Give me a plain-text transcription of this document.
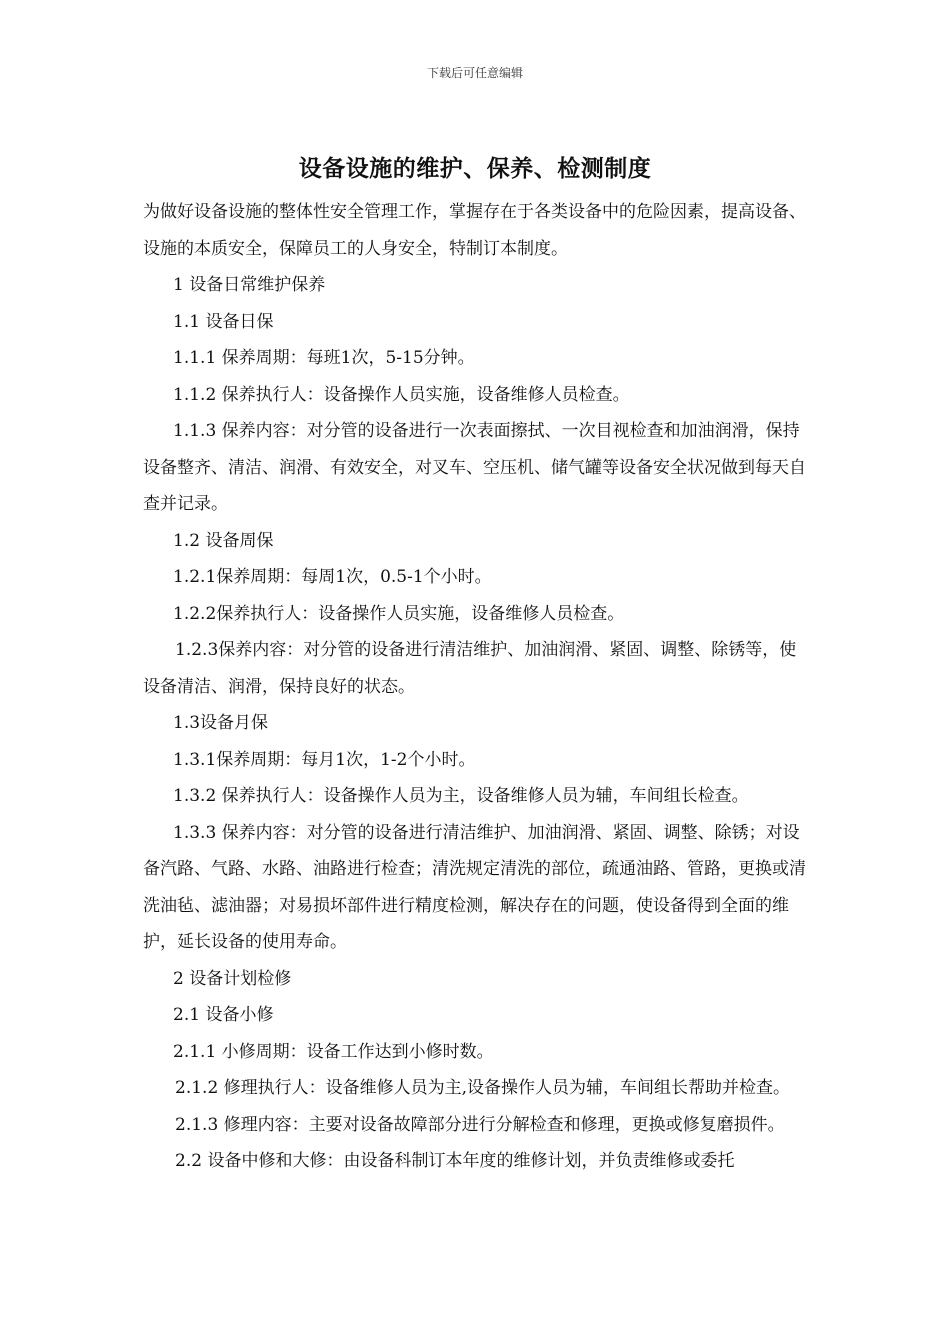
下载后可任意编辑
设备设施的维护、保养、检测制度

为做好设备设施的整体性安全管理工作，掌握存在于各类设备中的危险因素，提高设备、设施的本质安全，保障员工的人身安全，特制订本制度。

1 设备日常维护保养

1.1 设备日保

1.1.1 保养周期：每班1次，5-15分钟。

1.1.2 保养执行人：设备操作人员实施，设备维修人员检查。

1.1.3 保养内容：对分管的设备进行一次表面擦拭、一次目视检查和加油润滑，保持设备整齐、清洁、润滑、有效安全，对叉车、空压机、储气罐等设备安全状况做到每天自查并记录。

1.2 设备周保

1.2.1保养周期：每周1次，0.5-1个小时。

1.2.2保养执行人：设备操作人员实施，设备维修人员检查。

1.2.3保养内容：对分管的设备进行清洁维护、加油润滑、紧固、调整、除锈等，使设备清洁、润滑，保持良好的状态。

1.3设备月保

1.3.1保养周期：每月1次，1-2个小时。

1.3.2 保养执行人：设备操作人员为主，设备维修人员为辅，车间组长检查。

1.3.3 保养内容：对分管的设备进行清洁维护、加油润滑、紧固、调整、除锈；对设备汽路、气路、水路、油路进行检查；清洗规定清洗的部位，疏通油路、管路，更换或清洗油毡、滤油器；对易损坏部件进行精度检测，解决存在的问题，使设备得到全面的维护，延长设备的使用寿命。

2 设备计划检修

2.1 设备小修

2.1.1 小修周期：设备工作达到小修时数。

2.1.2 修理执行人：设备维修人员为主,设备操作人员为辅，车间组长帮助并检查。

2.1.3 修理内容：主要对设备故障部分进行分解检查和修理，更换或修复磨损件。

2.2 设备中修和大修：由设备科制订本年度的维修计划，并负责维修或委托
